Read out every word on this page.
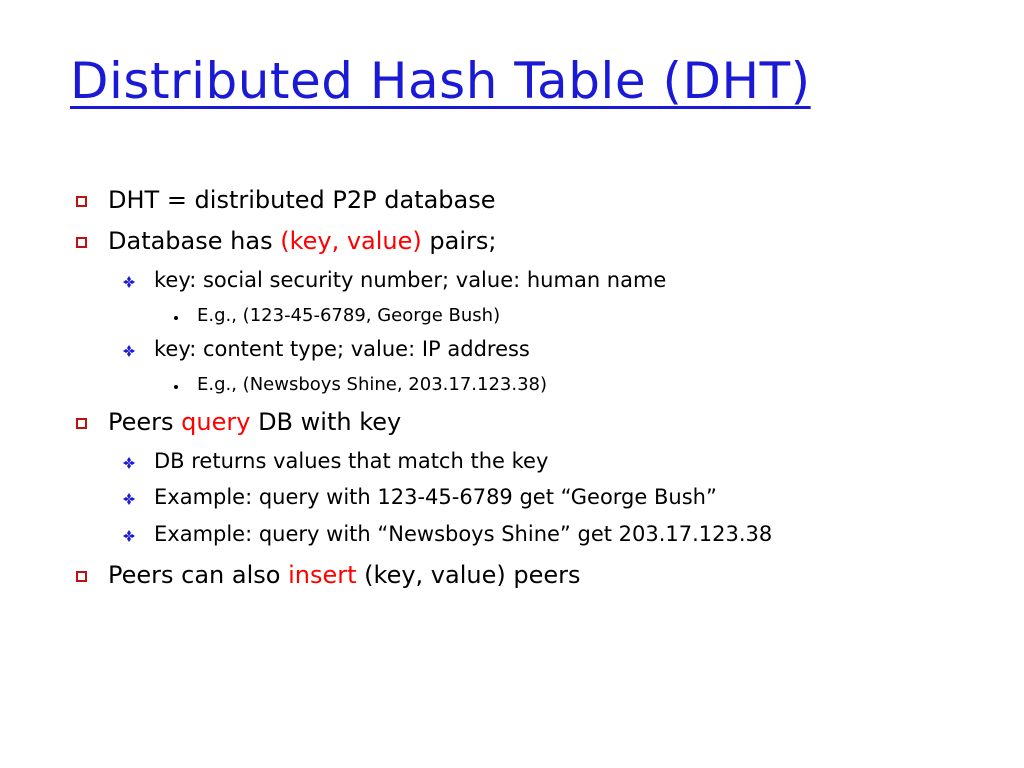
Distributed Hash Table (DHT)
DHT = distributed P2P database
Database has (key, value) pairs;
key: social security number; value: human name
E.g., (123-45-6789, George Bush)
key: content type; value: IP address
E.g., (Newsboys Shine, 203.17.123.38)
Peers query DB with key
DB returns values that match the key
Example: query with 123-45-6789 get “George Bush”
Example: query with “Newsboys Shine” get 203.17.123.38
Peers can also insert (key, value) peers
